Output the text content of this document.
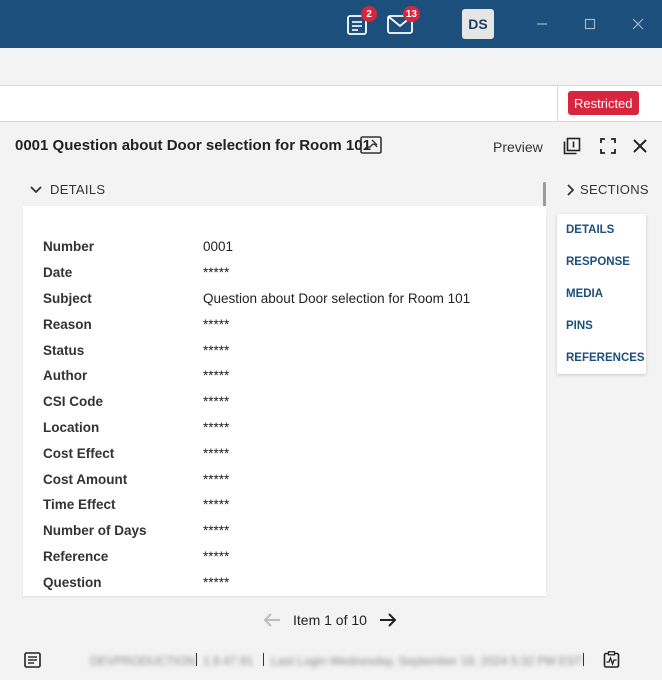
2	13
DS
Restricted
0001 Question about Door selection for Room 101	Preview
DETAILS
Number	0001
Date	*****
Subject	Question about Door selection for Room 101
Reason	*****
Status	*****
Author	*****
CSI Code	*****
Location	*****
Cost Effect	*****
Cost Amount	*****
Time Effect	*****
Number of Days	*****
Reference	*****
Question	*****
SECTIONS
DETAILS
RESPONSE
MEDIA
PINS
REFERENCES
Item 1 of 10
DEVPRODUCTION 1.9.47.91 Last Login Wednesday, September 18, 2024 5:32 PM EST
